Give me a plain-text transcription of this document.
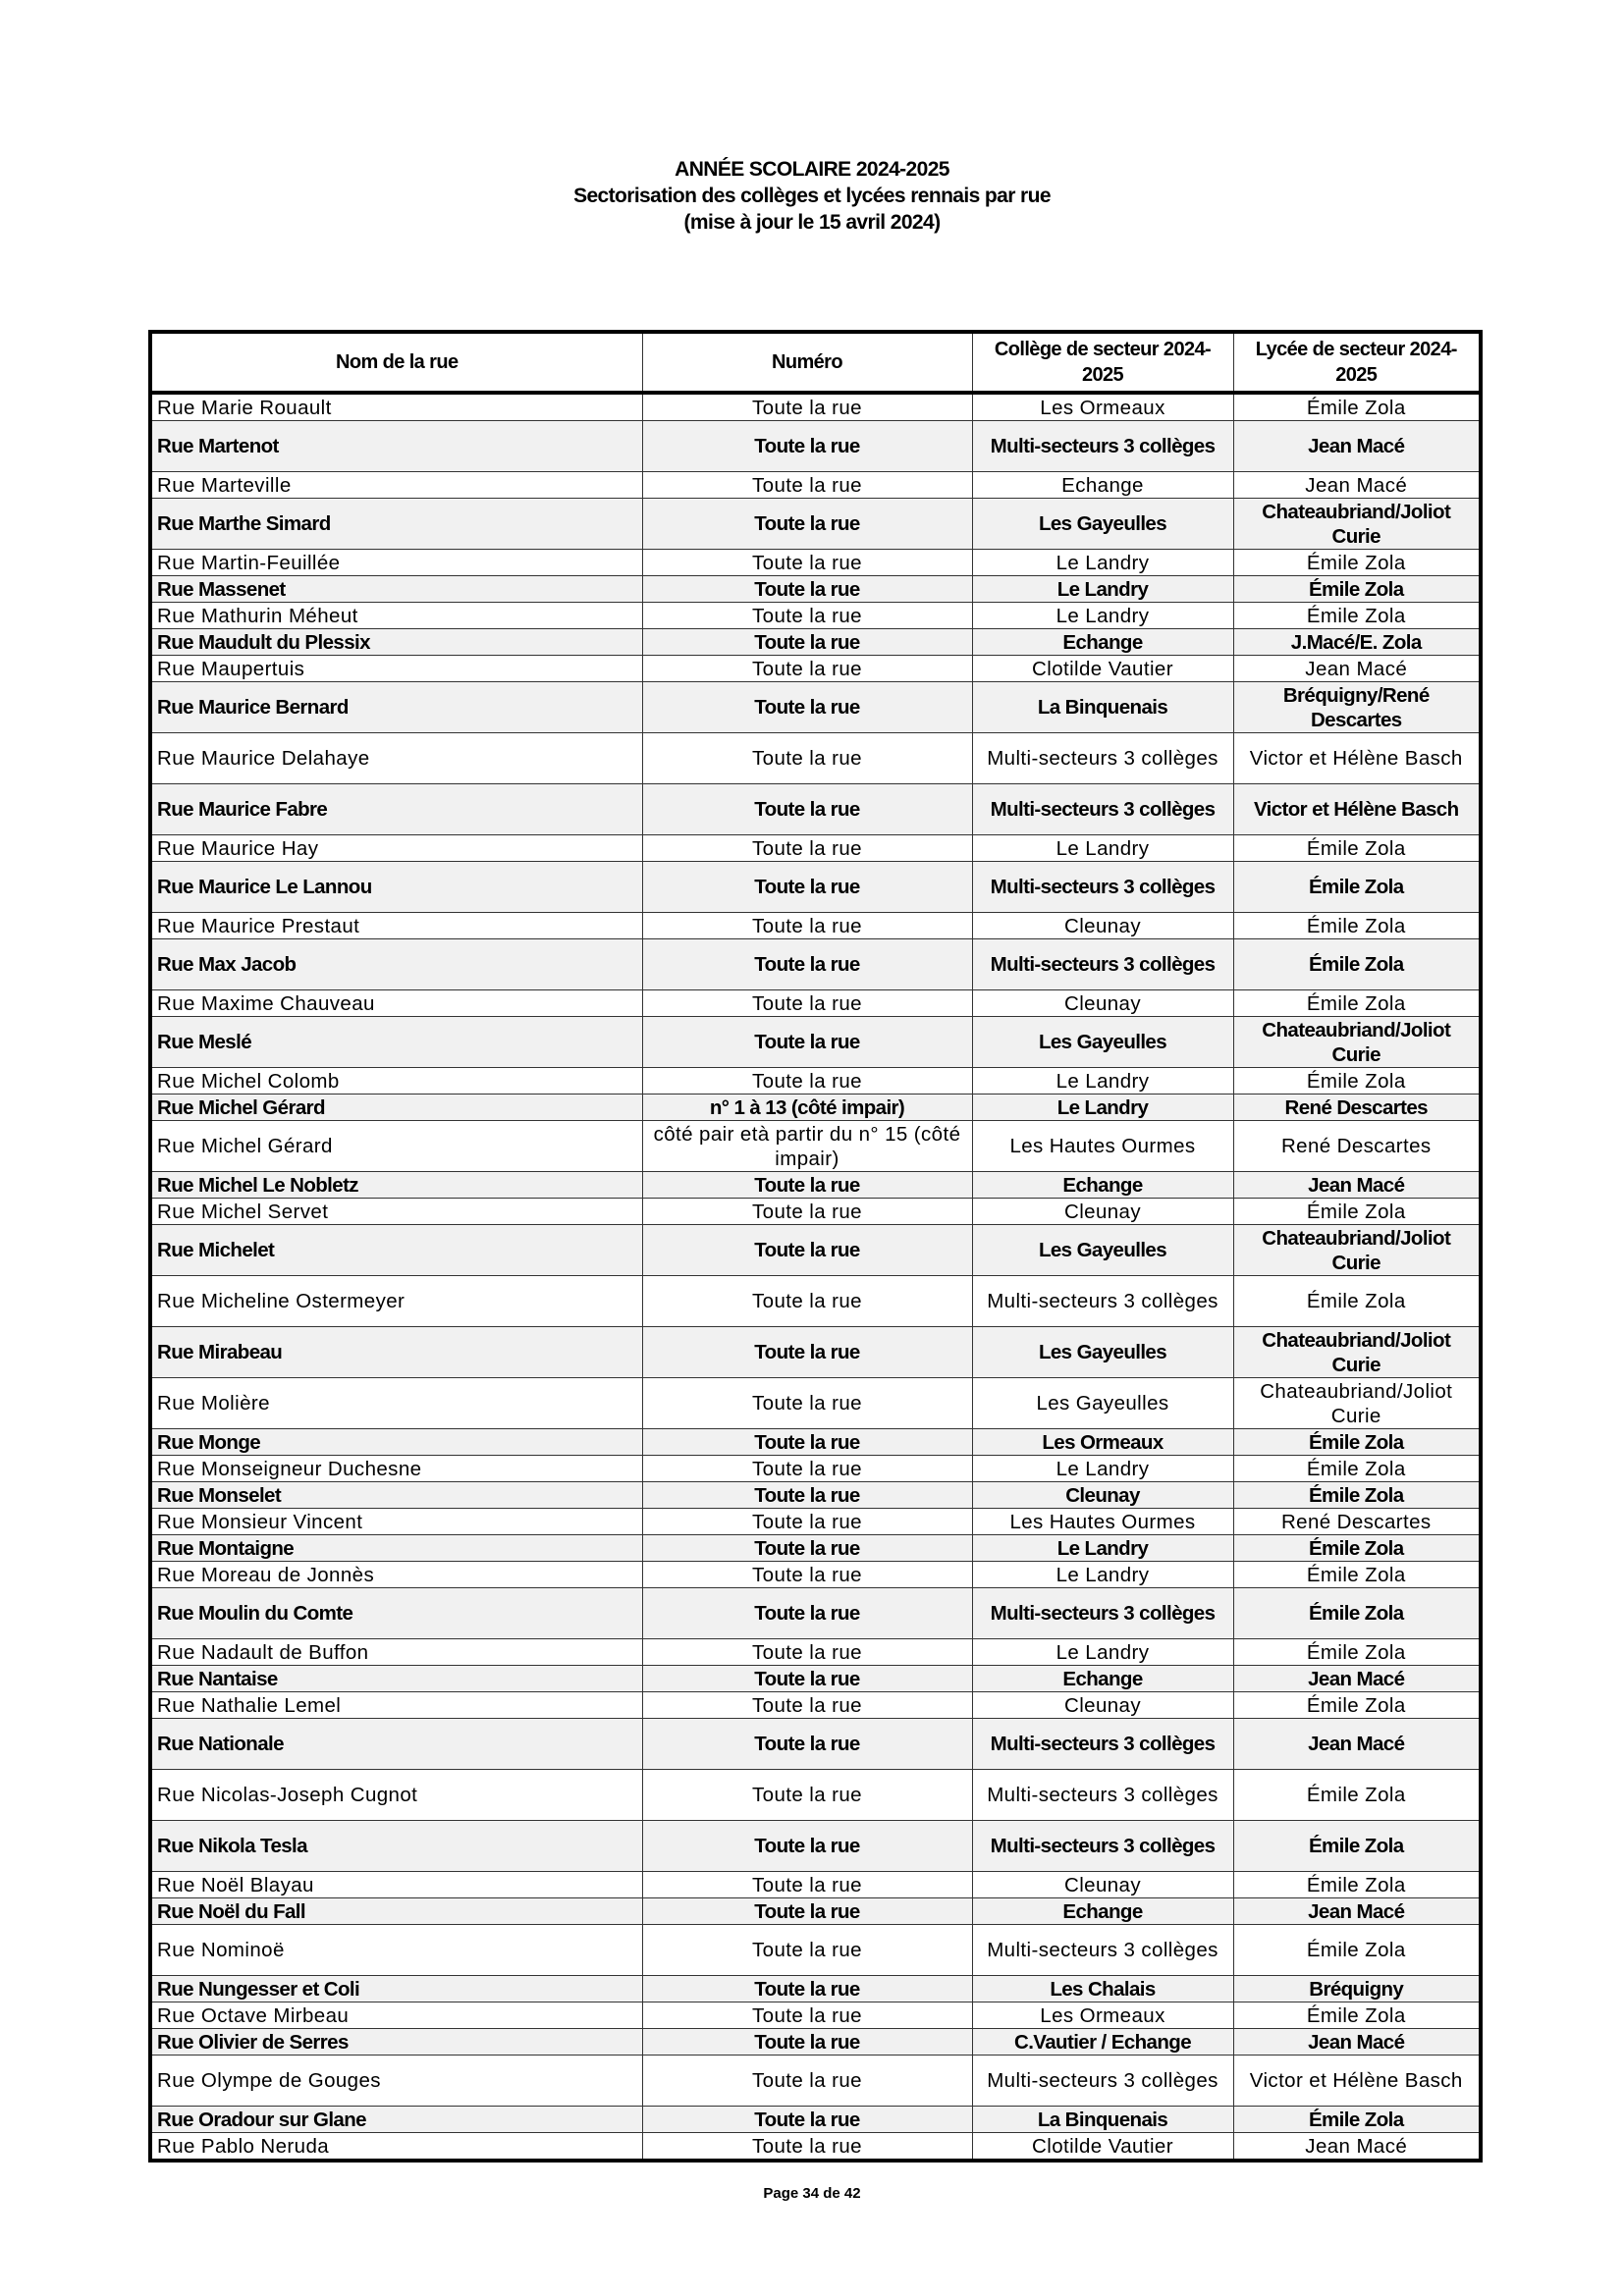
ANNÉE SCOLAIRE 2024-2025
Sectorisation des collèges et lycées rennais par rue
(mise à jour le 15 avril 2024)
Nom de la rue	Numéro	Collège de secteur 2024-2025	Lycée de secteur 2024-2025
Rue Marie Rouault	Toute la rue	Les Ormeaux	Émile Zola
Rue Martenot	Toute la rue	Multi-secteurs 3 collèges	Jean Macé
Rue Marteville	Toute la rue	Echange	Jean Macé
Rue Marthe Simard	Toute la rue	Les Gayeulles	Chateaubriand/Joliot Curie
Rue Martin-Feuillée	Toute la rue	Le Landry	Émile Zola
Rue Massenet	Toute la rue	Le Landry	Émile Zola
Rue Mathurin Méheut	Toute la rue	Le Landry	Émile Zola
Rue Maudult du Plessix	Toute la rue	Echange	J.Macé/E. Zola
Rue Maupertuis	Toute la rue	Clotilde Vautier	Jean Macé
Rue Maurice Bernard	Toute la rue	La Binquenais	Bréquigny/René Descartes
Rue Maurice Delahaye	Toute la rue	Multi-secteurs 3 collèges	Victor et Hélène Basch
Rue Maurice Fabre	Toute la rue	Multi-secteurs 3 collèges	Victor et Hélène Basch
Rue Maurice Hay	Toute la rue	Le Landry	Émile Zola
Rue Maurice Le Lannou	Toute la rue	Multi-secteurs 3 collèges	Émile Zola
Rue Maurice Prestaut	Toute la rue	Cleunay	Émile Zola
Rue Max Jacob	Toute la rue	Multi-secteurs 3 collèges	Émile Zola
Rue Maxime Chauveau	Toute la rue	Cleunay	Émile Zola
Rue Meslé	Toute la rue	Les Gayeulles	Chateaubriand/Joliot Curie
Rue Michel Colomb	Toute la rue	Le Landry	Émile Zola
Rue Michel Gérard	n° 1 à 13 (côté impair)	Le Landry	René Descartes
Rue Michel Gérard	côté pair età partir du n° 15 (côté impair)	Les Hautes Ourmes	René Descartes
Rue Michel Le Nobletz	Toute la rue	Echange	Jean Macé
Rue Michel Servet	Toute la rue	Cleunay	Émile Zola
Rue Michelet	Toute la rue	Les Gayeulles	Chateaubriand/Joliot Curie
Rue Micheline Ostermeyer	Toute la rue	Multi-secteurs 3 collèges	Émile Zola
Rue Mirabeau	Toute la rue	Les Gayeulles	Chateaubriand/Joliot Curie
Rue Molière	Toute la rue	Les Gayeulles	Chateaubriand/Joliot Curie
Rue Monge	Toute la rue	Les Ormeaux	Émile Zola
Rue Monseigneur Duchesne	Toute la rue	Le Landry	Émile Zola
Rue Monselet	Toute la rue	Cleunay	Émile Zola
Rue Monsieur Vincent	Toute la rue	Les Hautes Ourmes	René Descartes
Rue Montaigne	Toute la rue	Le Landry	Émile Zola
Rue Moreau de Jonnès	Toute la rue	Le Landry	Émile Zola
Rue Moulin du Comte	Toute la rue	Multi-secteurs 3 collèges	Émile Zola
Rue Nadault de Buffon	Toute la rue	Le Landry	Émile Zola
Rue Nantaise	Toute la rue	Echange	Jean Macé
Rue Nathalie Lemel	Toute la rue	Cleunay	Émile Zola
Rue Nationale	Toute la rue	Multi-secteurs 3 collèges	Jean Macé
Rue Nicolas-Joseph Cugnot	Toute la rue	Multi-secteurs 3 collèges	Émile Zola
Rue Nikola Tesla	Toute la rue	Multi-secteurs 3 collèges	Émile Zola
Rue Noël Blayau	Toute la rue	Cleunay	Émile Zola
Rue Noël du Fall	Toute la rue	Echange	Jean Macé
Rue Nominoë	Toute la rue	Multi-secteurs 3 collèges	Émile Zola
Rue Nungesser et Coli	Toute la rue	Les Chalais	Bréquigny
Rue Octave Mirbeau	Toute la rue	Les Ormeaux	Émile Zola
Rue Olivier de Serres	Toute la rue	C.Vautier / Echange	Jean Macé
Rue Olympe de Gouges	Toute la rue	Multi-secteurs 3 collèges	Victor et Hélène Basch
Rue Oradour sur Glane	Toute la rue	La Binquenais	Émile Zola
Rue Pablo Neruda	Toute la rue	Clotilde Vautier	Jean Macé
Page 34 de 42
